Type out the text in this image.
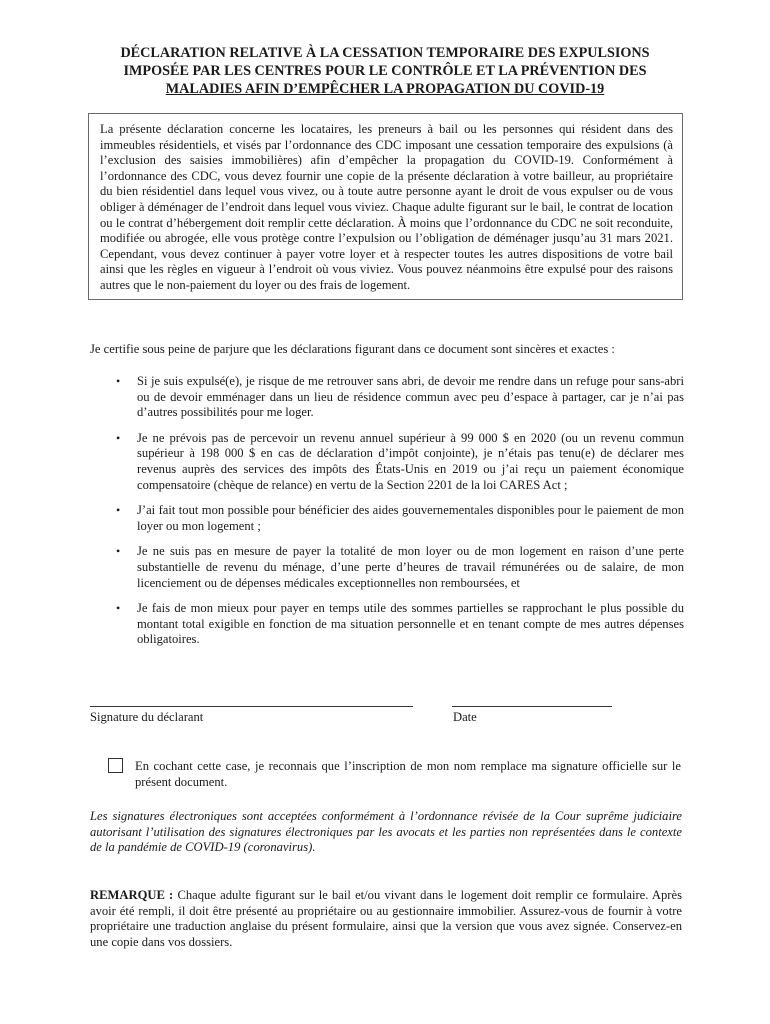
DÉCLARATION RELATIVE À LA CESSATION TEMPORAIRE DES EXPULSIONS
IMPOSÉE PAR LES CENTRES POUR LE CONTRÔLE ET LA PRÉVENTION DES
MALADIES AFIN D’EMPÊCHER LA PROPAGATION DU COVID-19
La présente déclaration concerne les locataires, les preneurs à bail ou les personnes qui résident dans des immeubles résidentiels, et visés par l’ordonnance des CDC imposant une cessation temporaire des expulsions (à l’exclusion des saisies immobilières) afin d’empêcher la propagation du COVID-19. Conformément à l’ordonnance des CDC, vous devez fournir une copie de la présente déclaration à votre bailleur, au propriétaire du bien résidentiel dans lequel vous vivez, ou à toute autre personne ayant le droit de vous expulser ou de vous obliger à déménager de l’endroit dans lequel vous viviez. Chaque adulte figurant sur le bail, le contrat de location ou le contrat d’hébergement doit remplir cette déclaration. À moins que l’ordonnance du CDC ne soit reconduite, modifiée ou abrogée, elle vous protège contre l’expulsion ou l’obligation de déménager jusqu’au 31 mars 2021. Cependant, vous devez continuer à payer votre loyer et à respecter toutes les autres dispositions de votre bail ainsi que les règles en vigueur à l’endroit où vous viviez. Vous pouvez néanmoins être expulsé pour des raisons autres que le non-paiement du loyer ou des frais de logement.
Je certifie sous peine de parjure que les déclarations figurant dans ce document sont sincères et exactes :
• Si je suis expulsé(e), je risque de me retrouver sans abri, de devoir me rendre dans un refuge pour sans-abri ou de devoir emménager dans un lieu de résidence commun avec peu d’espace à partager, car je n’ai pas d’autres possibilités pour me loger.
• Je ne prévois pas de percevoir un revenu annuel supérieur à 99 000 $ en 2020 (ou un revenu commun supérieur à 198 000 $ en cas de déclaration d’impôt conjointe), je n’étais pas tenu(e) de déclarer mes revenus auprès des services des impôts des États-Unis en 2019 ou j’ai reçu un paiement économique compensatoire (chèque de relance) en vertu de la Section 2201 de la loi CARES Act ;
• J’ai fait tout mon possible pour bénéficier des aides gouvernementales disponibles pour le paiement de mon loyer ou mon logement ;
• Je ne suis pas en mesure de payer la totalité de mon loyer ou de mon logement en raison d’une perte substantielle de revenu du ménage, d’une perte d’heures de travail rémunérées ou de salaire, de mon licenciement ou de dépenses médicales exceptionnelles non remboursées, et
• Je fais de mon mieux pour payer en temps utile des sommes partielles se rapprochant le plus possible du montant total exigible en fonction de ma situation personnelle et en tenant compte de mes autres dépenses obligatoires.
Signature du déclarant	Date
En cochant cette case, je reconnais que l’inscription de mon nom remplace ma signature officielle sur le présent document.
Les signatures électroniques sont acceptées conformément à l’ordonnance révisée de la Cour suprême judiciaire autorisant l’utilisation des signatures électroniques par les avocats et les parties non représentées dans le contexte de la pandémie de COVID-19 (coronavirus).
REMARQUE : Chaque adulte figurant sur le bail et/ou vivant dans le logement doit remplir ce formulaire. Après avoir été rempli, il doit être présenté au propriétaire ou au gestionnaire immobilier. Assurez-vous de fournir à votre propriétaire une traduction anglaise du présent formulaire, ainsi que la version que vous avez signée. Conservez-en une copie dans vos dossiers.
